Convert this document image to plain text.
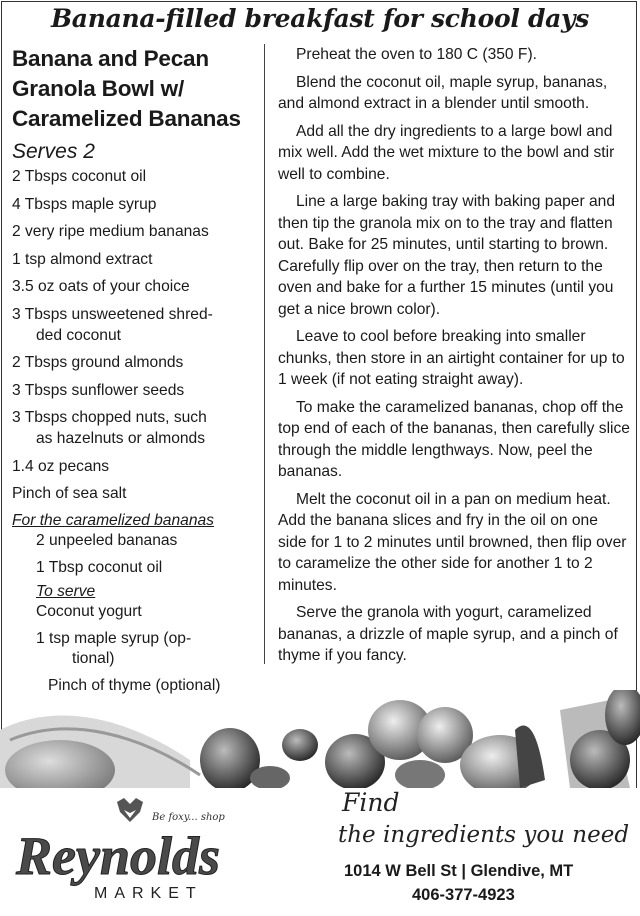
Banana-filled breakfast for school days
Banana and Pecan
Granola Bowl w/
Caramelized Bananas
Serves 2
2 Tbsps coconut oil
4 Tbsps maple syrup
2 very ripe medium bananas
1 tsp almond extract
3.5 oz oats of your choice
3 Tbsps unsweetened shred-
ded coconut
2 Tbsps ground almonds
3 Tbsps sunflower seeds
3 Tbsps chopped nuts, such
as hazelnuts or almonds
1.4 oz pecans
Pinch of sea salt
For the caramelized bananas
2 unpeeled bananas
1 Tbsp coconut oil
To serve
Coconut yogurt
1 tsp maple syrup (op-
tional)
Pinch of thyme (optional)

Preheat the oven to 180 C (350 F).

Blend the coconut oil, maple syrup, bananas, and almond extract in a blender until smooth.

Add all the dry ingredients to a large bowl and mix well. Add the wet mixture to the bowl and stir well to combine.

Line a large baking tray with baking paper and then tip the granola mix on to the tray and flatten out. Bake for 25 minutes, until starting to brown. Carefully flip over on the tray, then return to the oven and bake for a further 15 minutes (until you get a nice brown color).

Leave to cool before breaking into smaller chunks, then store in an airtight container for up to 1 week (if not eating straight away).

To make the caramelized bananas, chop off the top end of each of the bananas, then carefully slice through the middle lengthways. Now, peel the bananas.

Melt the coconut oil in a pan on medium heat. Add the banana slices and fry in the oil on one side for 1 to 2 minutes until browned, then flip over to caramelize the other side for another 1 to 2 minutes.

Serve the granola with yogurt, caramelized bananas, a drizzle of maple syrup, and a pinch of thyme if you fancy.

Be foxy... shop
Reynolds
MARKET
Find
the ingredients you need
1014 W Bell St | Glendive, MT
406-377-4923
